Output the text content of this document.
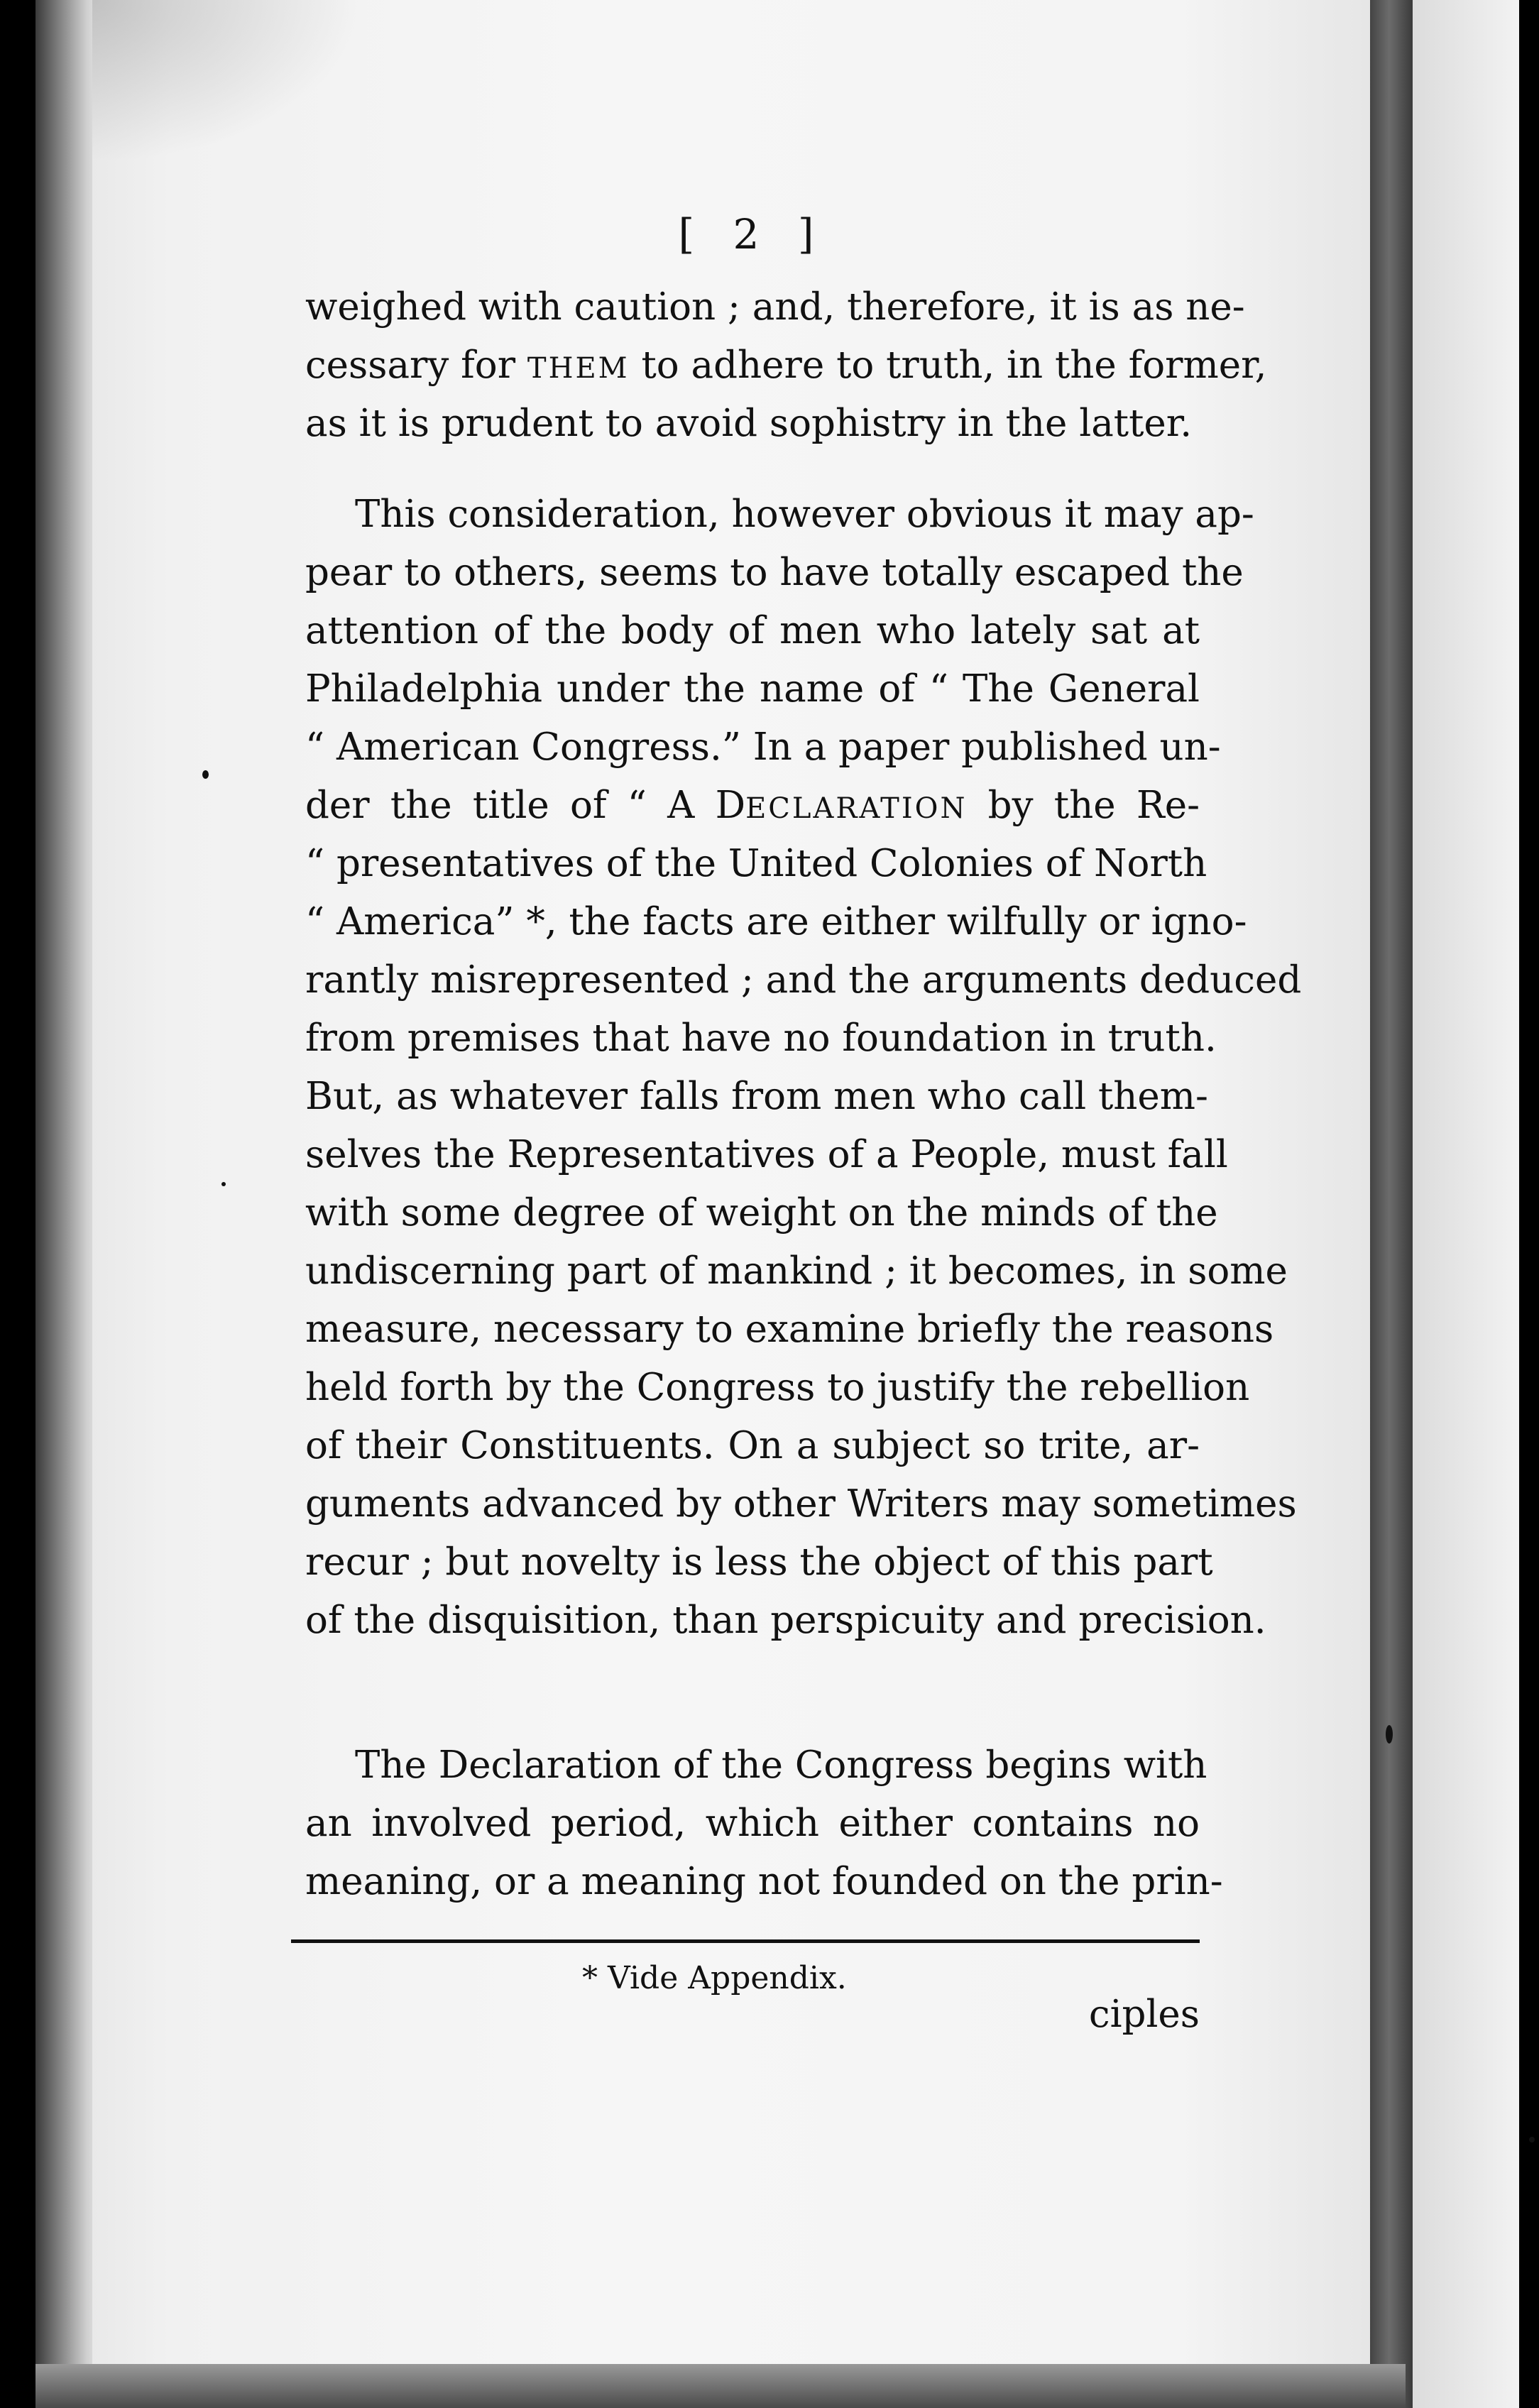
[ 2 ]
weighed with caution ; and, therefore, it is as ne-
cessary for THEM to adhere to truth, in the former,
as it is prudent to avoid sophistry in the latter.
This consideration, however obvious it may ap-
pear to others, seems to have totally escaped the
attention of the body of men who lately sat at
Philadelphia under the name of “ The General
“ American Congress.” In a paper published un-
der the title of “ A DECLARATION by the Re-
“ presentatives of the United Colonies of North
“ America” *, the facts are either wilfully or igno-
rantly misrepresented ; and the arguments deduced
from premises that have no foundation in truth.
But, as whatever falls from men who call them-
selves the Representatives of a People, must fall
with some degree of weight on the minds of the
undiscerning part of mankind ; it becomes, in some
measure, necessary to examine briefly the reasons
held forth by the Congress to justify the rebellion
of their Constituents. On a subject so trite, ar-
guments advanced by other Writers may sometimes
recur ; but novelty is less the object of this part
of the disquisition, than perspicuity and precision.
The Declaration of the Congress begins with
an involved period, which either contains no
meaning, or a meaning not founded on the prin-
* Vide Appendix.
ciples
